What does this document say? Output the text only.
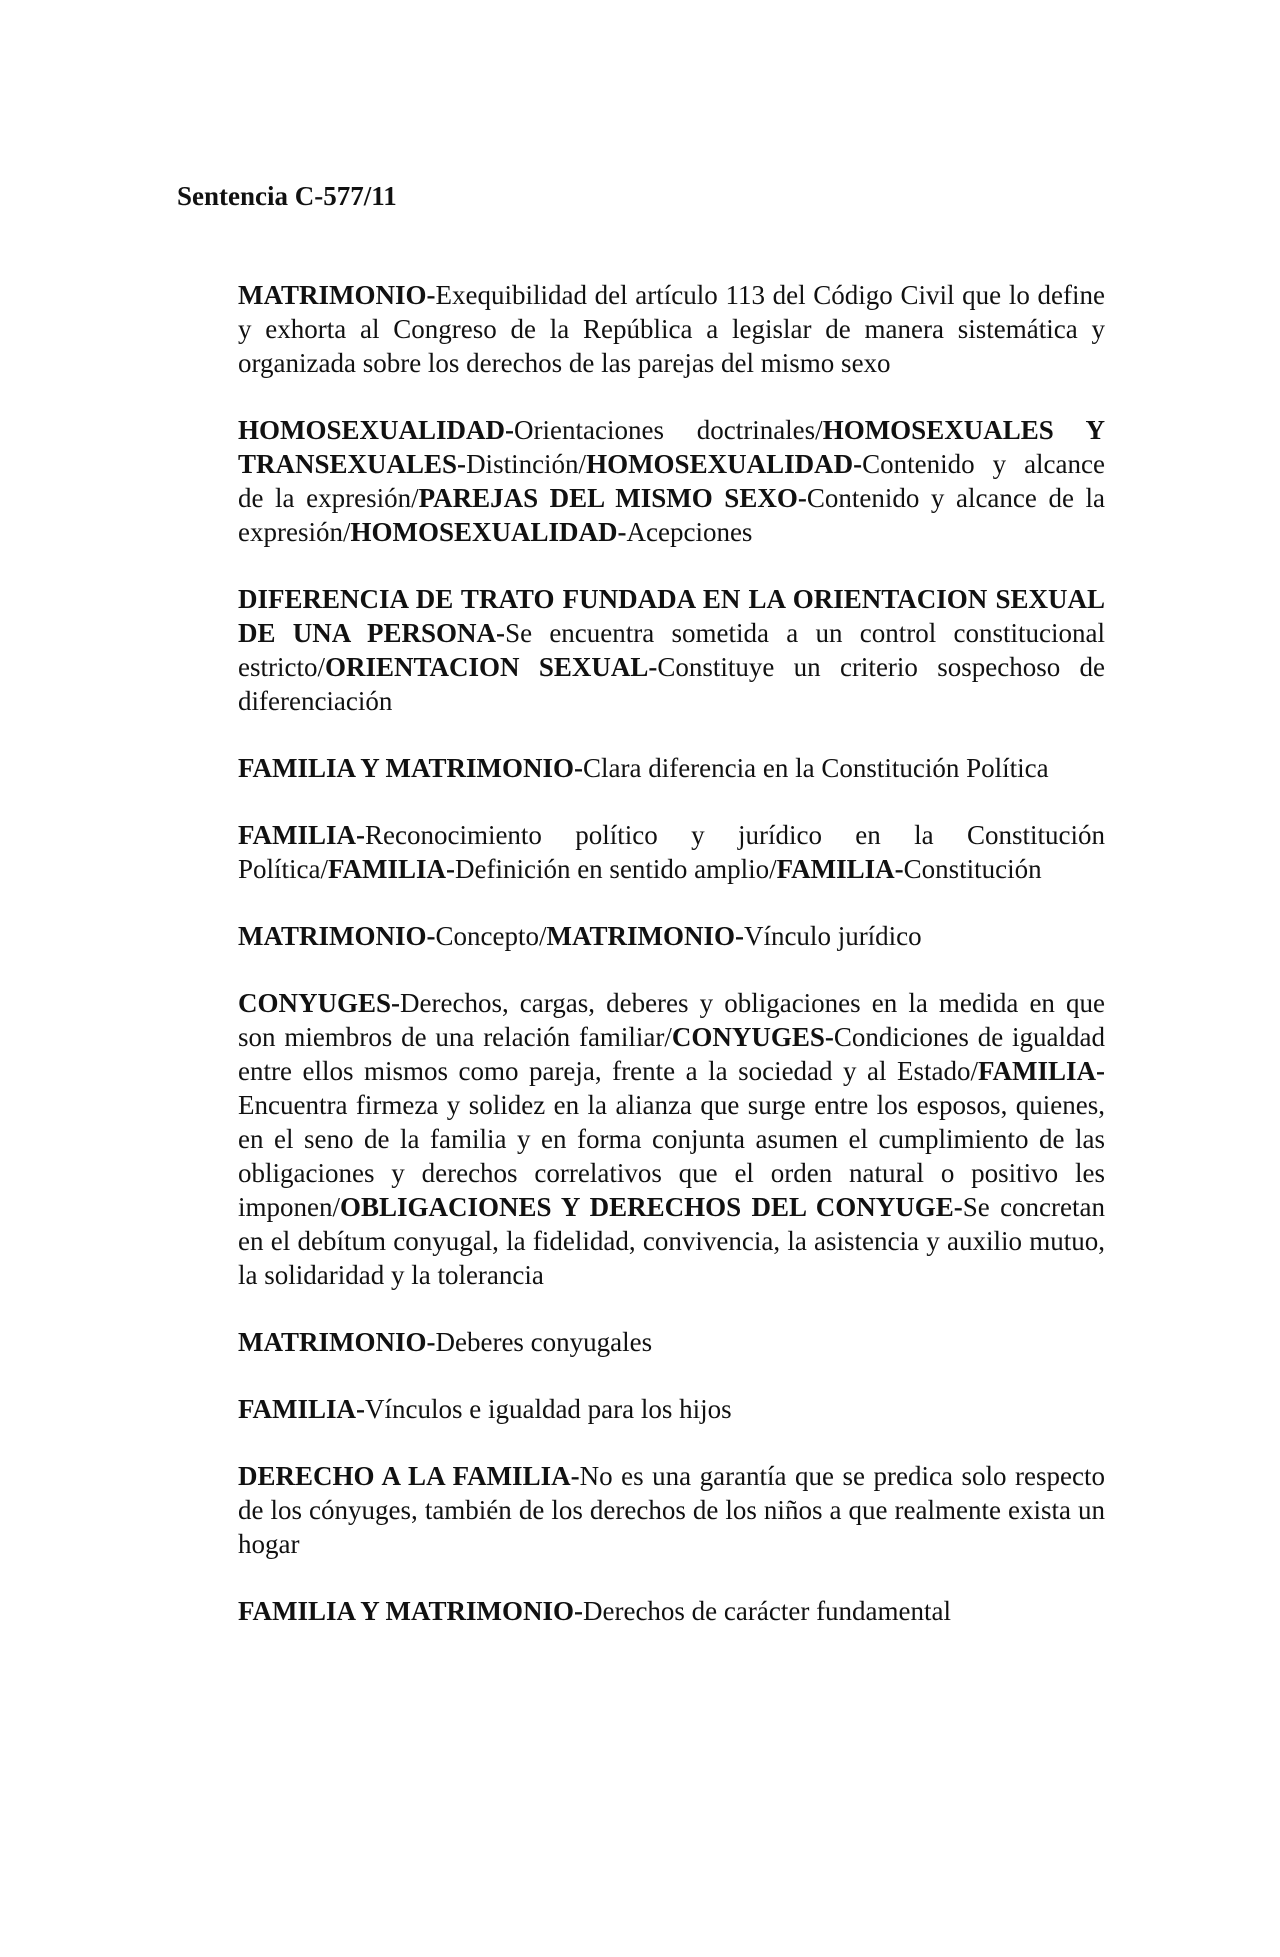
Sentencia C-577/11

MATRIMONIO-Exequibilidad del artículo 113 del Código Civil que lo define y exhorta al Congreso de la República a legislar de manera sistemática y organizada sobre los derechos de las parejas del mismo sexo

HOMOSEXUALIDAD-Orientaciones doctrinales/HOMOSEXUALES Y TRANSEXUALES-Distinción/HOMOSEXUALIDAD-Contenido y alcance de la expresión/PAREJAS DEL MISMO SEXO-Contenido y alcance de la expresión/HOMOSEXUALIDAD-Acepciones

DIFERENCIA DE TRATO FUNDADA EN LA ORIENTACION SEXUAL DE UNA PERSONA-Se encuentra sometida a un control constitucional estricto/ORIENTACION SEXUAL-Constituye un criterio sospechoso de diferenciación

FAMILIA Y MATRIMONIO-Clara diferencia en la Constitución Política

FAMILIA-Reconocimiento político y jurídico en la Constitución Política/FAMILIA-Definición en sentido amplio/FAMILIA-Constitución

MATRIMONIO-Concepto/MATRIMONIO-Vínculo jurídico

CONYUGES-Derechos, cargas, deberes y obligaciones en la medida en que son miembros de una relación familiar/CONYUGES-Condiciones de igualdad entre ellos mismos como pareja, frente a la sociedad y al Estado/FAMILIA-Encuentra firmeza y solidez en la alianza que surge entre los esposos, quienes, en el seno de la familia y en forma conjunta asumen el cumplimiento de las obligaciones y derechos correlativos que el orden natural o positivo les imponen/OBLIGACIONES Y DERECHOS DEL CONYUGE-Se concretan en el debítum conyugal, la fidelidad, convivencia, la asistencia y auxilio mutuo, la solidaridad y la tolerancia

MATRIMONIO-Deberes conyugales

FAMILIA-Vínculos e igualdad para los hijos

DERECHO A LA FAMILIA-No es una garantía que se predica solo respecto de los cónyuges, también de los derechos de los niños a que realmente exista un hogar

FAMILIA Y MATRIMONIO-Derechos de carácter fundamental
